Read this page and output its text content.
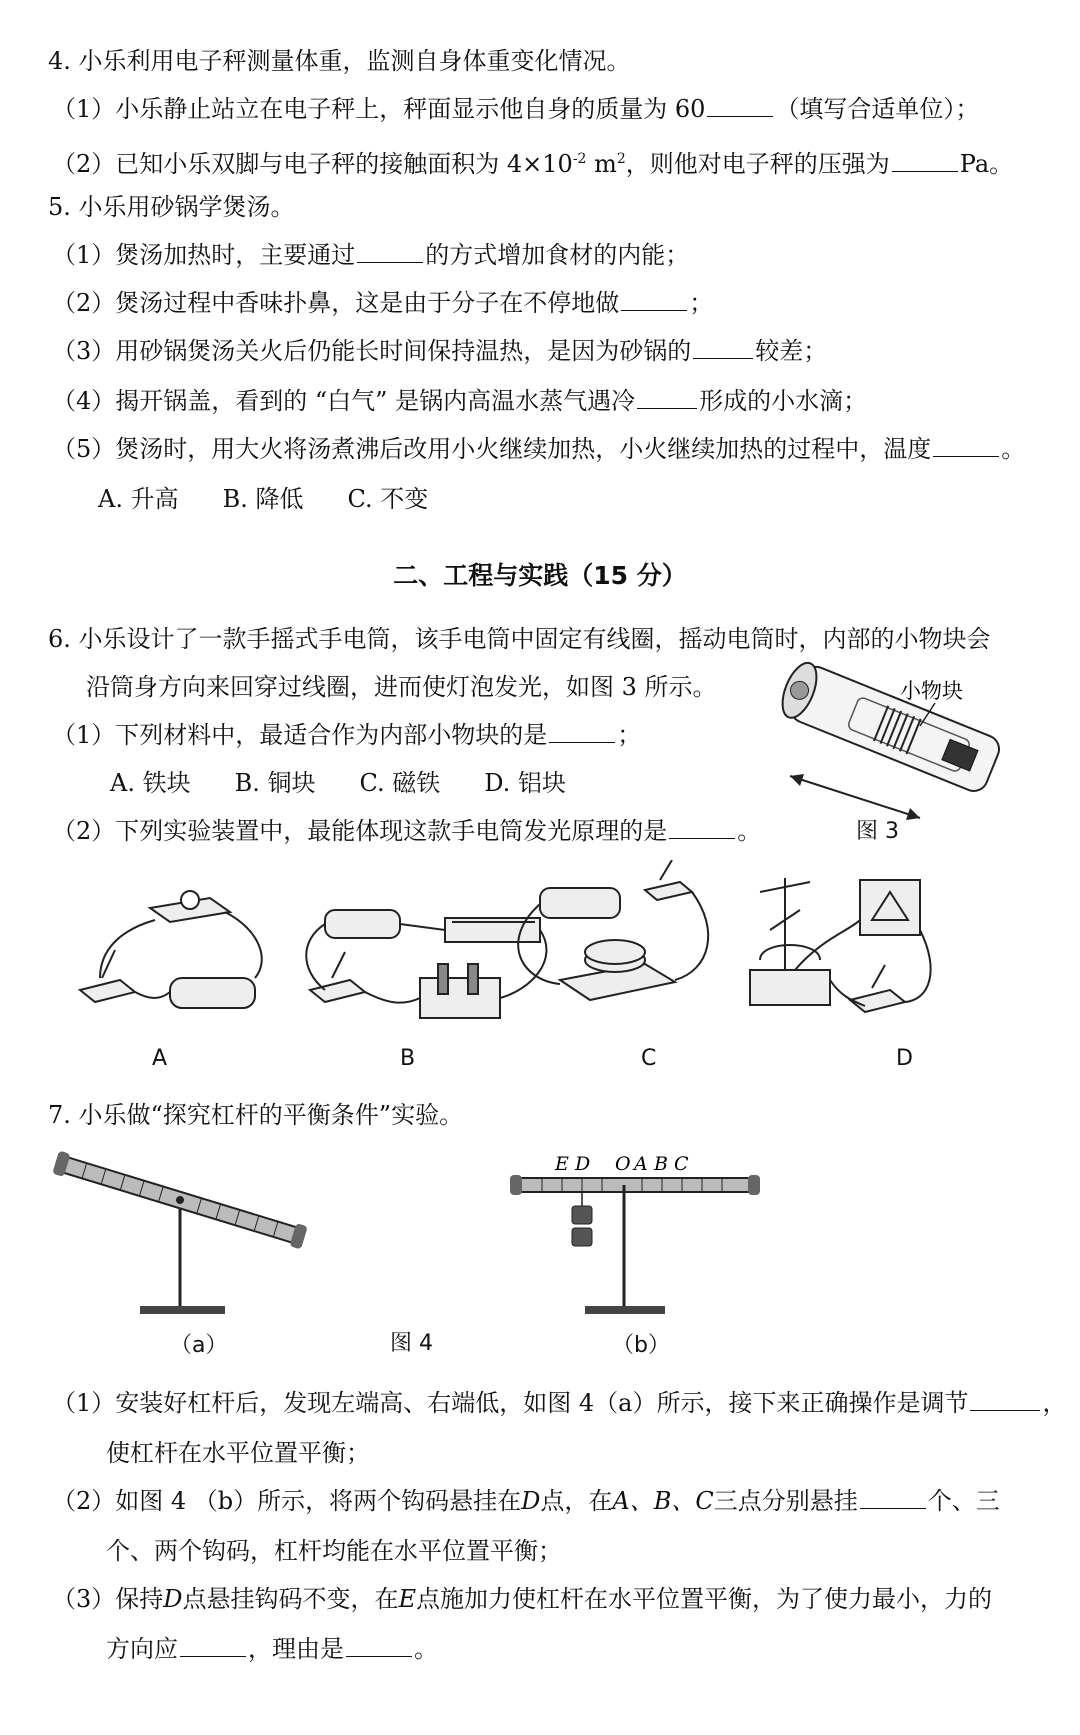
4. 小乐利用电子秤测量体重，监测自身体重变化情况。
（1）小乐静止站立在电子秤上，秤面显示他自身的质量为 60	（填写合适单位）；
（2）已知小乐双脚与电子秤的接触面积为 $4\times 10^{-2}$ $m^2$，则他对电子秤的压强为	Pa。
5. 小乐用砂锅学煲汤。
（1）煲汤加热时，主要通过	的方式增加食材的内能；
（2）煲汤过程中香味扑鼻，这是由于分子在不停地做	；
（3）用砂锅煲汤关火后仍能长时间保持温热，是因为砂锅的	较差；
（4）揭开锅盖，看到的 “白气” 是锅内高温水蒸气遇冷	形成的小水滴；
（5）煲汤时，用大火将汤煮沸后改用小火继续加热，小火继续加热的过程中，温度	。
A. 升高 B. 降低 C. 不变
二、工程与实践（15 分）
6. 小乐设计了一款手摇式手电筒，该手电筒中固定有线圈，摇动电筒时，内部的小物块会
沿筒身方向来回穿过线圈，进而使灯泡发光，如图 3 所示。
（1）下列材料中，最适合作为内部小物块的是	；
A. 铁块 B. 铜块 C. 磁铁 D. 铝块
（2）下列实验装置中，最能体现这款手电筒发光原理的是	。
小物块
图 3
A	B	C	D
7. 小乐做“探究杠杆的平衡条件”实验。
（a）	图 4
E D O A B C
（b）
（1）安装好杠杆后，发现左端高、右端低，如图 4（a）所示，接下来正确操作是调节	，
使杠杆在水平位置平衡；
（2）如图 4 （b）所示，将两个钩码悬挂在D点，在A、B、C三点分别悬挂	个、三
个、两个钩码，杠杆均能在水平位置平衡；
（3）保持D点悬挂钩码不变，在E点施加力使杠杆在水平位置平衡，为了使力最小，力的
方向应	，理由是	。
